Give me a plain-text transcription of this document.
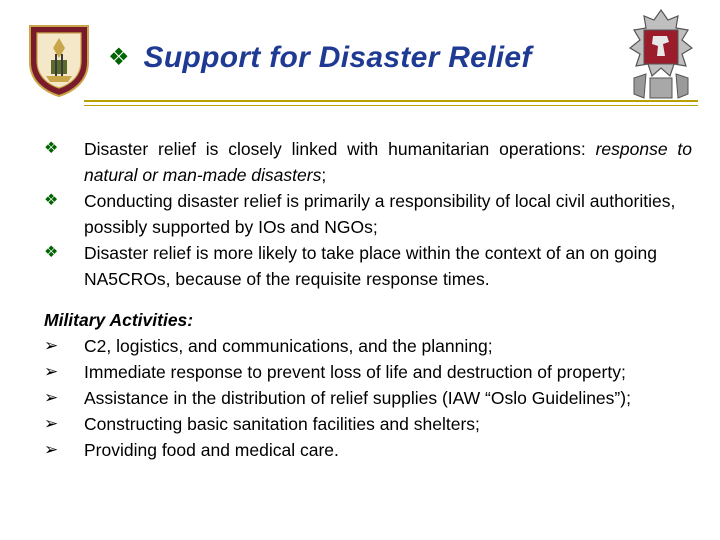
❖ Support for Disaster Relief
❖	Disaster relief is closely linked with humanitarian operations: response to natural or man-made disasters;
❖	Conducting disaster relief is primarily a responsibility of local civil authorities, possibly supported by IOs and NGOs;
❖	Disaster relief is more likely to take place within the context of an on going NA5CROs, because of the requisite response times.
Military Activities:
➢	C2, logistics, and communications, and the planning;
➢	Immediate response to prevent loss of life and destruction of property;
➢	Assistance in the distribution of relief supplies (IAW “Oslo Guidelines”);
➢	Constructing basic sanitation facilities and shelters;
➢	Providing food and medical care.
